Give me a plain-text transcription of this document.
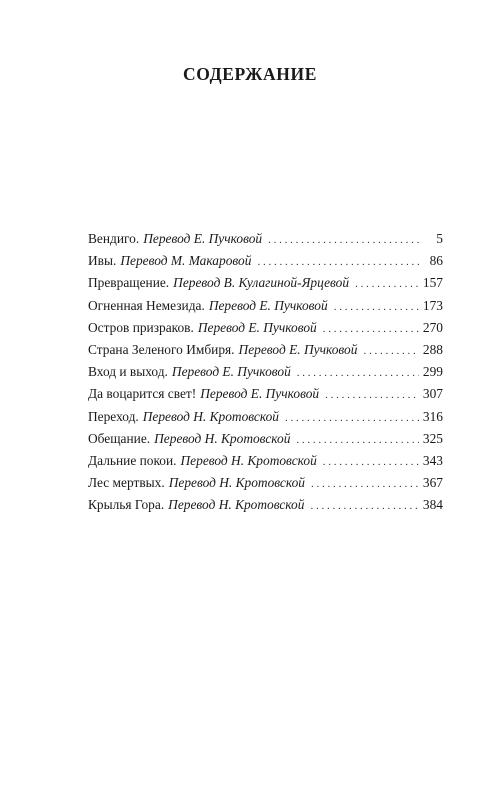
СОДЕРЖАНИЕ
Вендиго. Перевод Е. Пучковой . . .	5
Ивы. Перевод М. Макаровой . . .	86
Превращение. Перевод В. Кулагиной-Ярцевой . . .	157
Огненная Немезида. Перевод Е. Пучковой . . .	173
Остров призраков. Перевод Е. Пучковой . . .	270
Страна Зеленого Имбиря. Перевод Е. Пучковой . . .	288
Вход и выход. Перевод Е. Пучковой . . .	299
Да воцарится свет! Перевод Е. Пучковой . . .	307
Переход. Перевод Н. Кротовской . . .	316
Обещание. Перевод Н. Кротовской . . .	325
Дальние покои. Перевод Н. Кротовской . . .	343
Лес мертвых. Перевод Н. Кротовской . . .	367
Крылья Гора. Перевод Н. Кротовской . . .	384
